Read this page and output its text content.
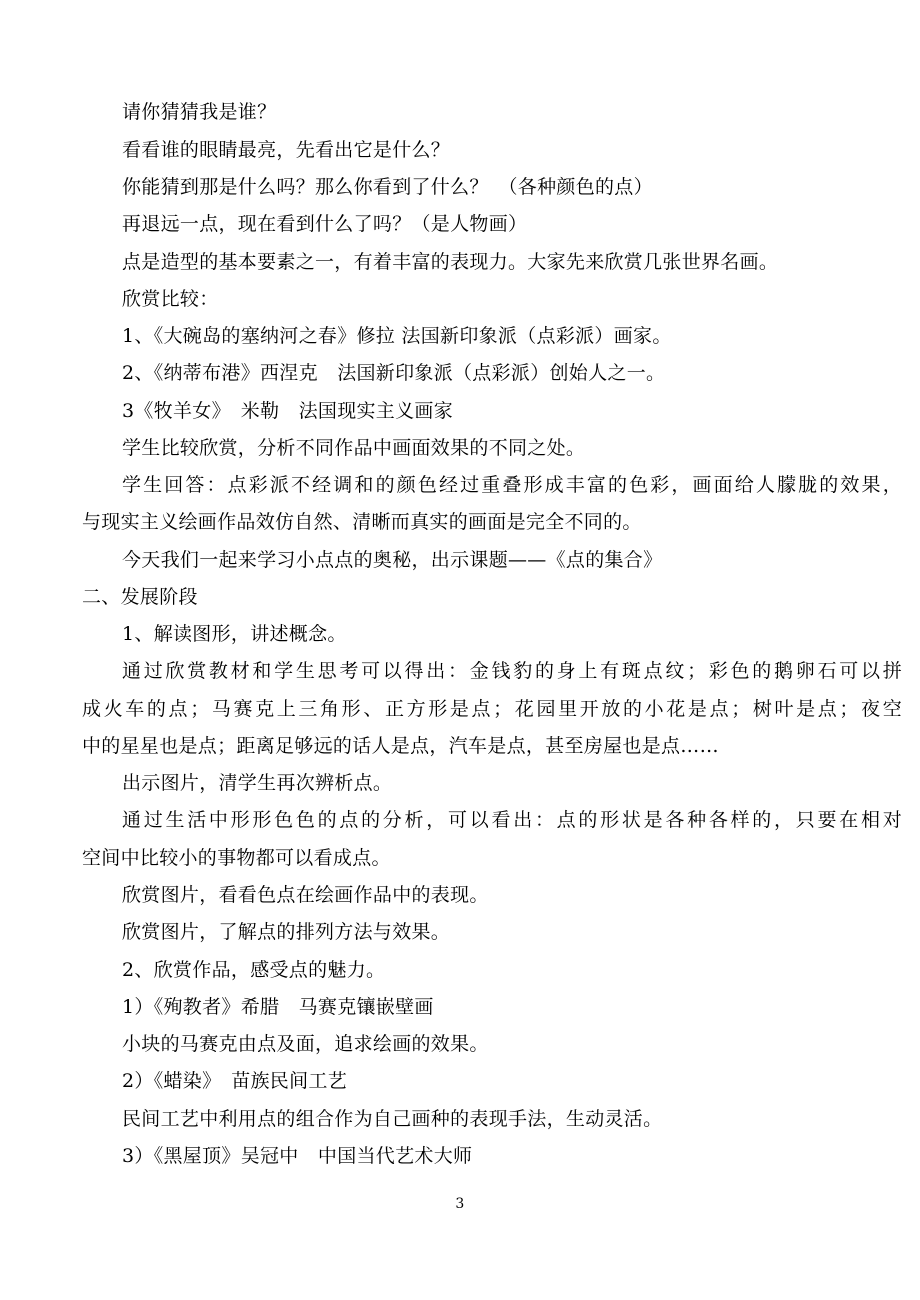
请你猜猜我是谁？
看看谁的眼睛最亮，先看出它是什么？
你能猜到那是什么吗？那么你看到了什么？　（各种颜色的点）
再退远一点，现在看到什么了吗？（是人物画）
点是造型的基本要素之一，有着丰富的表现力。大家先来欣赏几张世界名画。
欣赏比较：
1、《大碗岛的塞纳河之春》修拉 法国新印象派（点彩派）画家。
2、《纳蒂布港》西涅克　法国新印象派（点彩派）创始人之一。
3《牧羊女》　米勒　法国现实主义画家
学生比较欣赏，分析不同作品中画面效果的不同之处。
学生回答：点彩派不经调和的颜色经过重叠形成丰富的色彩，画面给人朦胧的效果，
与现实主义绘画作品效仿自然、清晰而真实的画面是完全不同的。
今天我们一起来学习小点点的奥秘，出示课题——《点的集合》
二、发展阶段
1、解读图形，讲述概念。
通过欣赏教材和学生思考可以得出：金钱豹的身上有斑点纹；彩色的鹅卵石可以拼
成火车的点；马赛克上三角形、正方形是点；花园里开放的小花是点；树叶是点；夜空
中的星星也是点；距离足够远的话人是点，汽车是点，甚至房屋也是点……
出示图片，清学生再次辨析点。
通过生活中形形色色的点的分析，可以看出：点的形状是各种各样的，只要在相对
空间中比较小的事物都可以看成点。
欣赏图片，看看色点在绘画作品中的表现。
欣赏图片，了解点的排列方法与效果。
2、欣赏作品，感受点的魅力。
1）《殉教者》希腊　马赛克镶嵌壁画
小块的马赛克由点及面，追求绘画的效果。
2）《蜡染》　苗族民间工艺
民间工艺中利用点的组合作为自己画种的表现手法，生动灵活。
3）《黑屋顶》吴冠中　中国当代艺术大师
3
